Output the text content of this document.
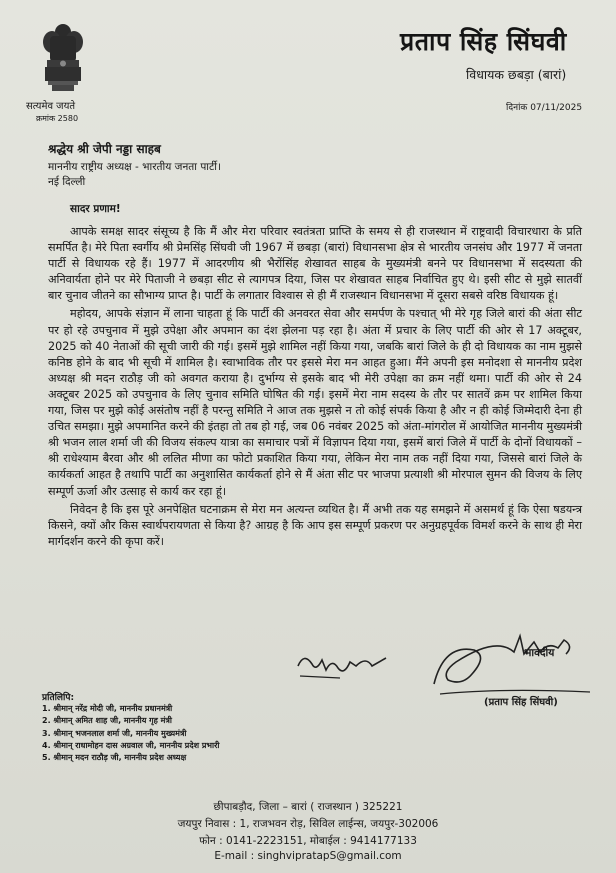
सत्यमेव जयते
क्रमांक 2580
प्रताप सिंह सिंघवी
विधायक छबड़ा (बारां)
दिनांक 07/11/2025
श्रद्धेय श्री जेपी नड्डा साहब
माननीय राष्ट्रीय अध्यक्ष - भारतीय जनता पार्टी।
नई दिल्ली
सादर प्रणाम!

आपके समक्ष सादर संसूच्य है कि मैं और मेरा परिवार स्वतंत्रता प्राप्ति के समय से ही राजस्थान में राष्ट्रवादी विचारधारा के प्रति समर्पित है। मेरे पिता स्वर्गीय श्री प्रेमसिंह सिंघवी जी 1967 में छबड़ा (बारां) विधानसभा क्षेत्र से भारतीय जनसंघ और 1977 में जनता पार्टी से विधायक रहे हैं। 1977 में आदरणीय श्री भैरोंसिंह शेखावत साहब के मुख्यमंत्री बनने पर विधानसभा में सदस्यता की अनिवार्यता होने पर मेरे पिताजी ने छबड़ा सीट से त्यागपत्र दिया, जिस पर शेखावत साहब निर्वाचित हुए थे। इसी सीट से मुझे सातवीं बार चुनाव जीतने का सौभाग्य प्राप्त है। पार्टी के लगातार विश्वास से ही मैं राजस्थान विधानसभा में दूसरा सबसे वरिष्ठ विधायक हूं।

महोदय, आपके संज्ञान में लाना चाहता हूं कि पार्टी की अनवरत सेवा और समर्पण के पश्चात् भी मेरे गृह जिले बारां की अंता सीट पर हो रहे उपचुनाव में मुझे उपेक्षा और अपमान का दंश झेलना पड़ रहा है। अंता में प्रचार के लिए पार्टी की ओर से 17 अक्टूबर, 2025 को 40 नेताओं की सूची जारी की गई। इसमें मुझे शामिल नहीं किया गया, जबकि बारां जिले के ही दो विधायक का नाम मुझसे कनिष्ठ होने के बाद भी सूची में शामिल है। स्वाभाविक तौर पर इससे मेरा मन आहत हुआ। मैंने अपनी इस मनोदशा से माननीय प्रदेश अध्यक्ष श्री मदन राठौड़ जी को अवगत कराया है। दुर्भाग्य से इसके बाद भी मेरी उपेक्षा का क्रम नहीं थमा। पार्टी की ओर से 24 अक्टूबर 2025 को उपचुनाव के लिए चुनाव समिति घोषित की गई। इसमें मेरा नाम सदस्य के तौर पर सातवें क्रम पर शामिल किया गया, जिस पर मुझे कोई असंतोष नहीं है परन्तु समिति ने आज तक मुझसे न तो कोई संपर्क किया है और न ही कोई जिम्मेदारी देना ही उचित समझा। मुझे अपमानित करने की इंतहा तो तब हो गई, जब 06 नवंबर 2025 को अंता-मांगरोल में आयोजित माननीय मुख्यमंत्री श्री भजन लाल शर्मा जी की विजय संकल्प यात्रा का समाचार पत्रों में विज्ञापन दिया गया, इसमें बारां जिले में पार्टी के दोनों विधायकों – श्री राधेश्याम बैरवा और श्री ललित मीणा का फोटो प्रकाशित किया गया, लेकिन मेरा नाम तक नहीं दिया गया, जिससे बारां जिले के कार्यकर्ता आहत है तथापि पार्टी का अनुशासित कार्यकर्ता होने से मैं अंता सीट पर भाजपा प्रत्याशी श्री मोरपाल सुमन की विजय के लिए सम्पूर्ण ऊर्जा और उत्साह से कार्य कर रहा हूं।

निवेदन है कि इस पूरे अनपेक्षित घटनाक्रम से मेरा मन अत्यन्त व्यथित है। मैं अभी तक यह समझने में असमर्थ हूं कि ऐसा षडयन्त्र किसने, क्यों और किस स्वार्थपरायणता से किया है? आग्रह है कि आप इस सम्पूर्ण प्रकरण पर अनुग्रहपूर्वक विमर्श करने के साथ ही मेरा मार्गदर्शन करने की कृपा करें।

भावदीय
(प्रताप सिंह सिंघवी)
प्रतिलिपि:
1. श्रीमान् नरेंद्र मोदी जी, माननीय प्रधानमंत्री
2. श्रीमान् अमित शाह जी, माननीय गृह मंत्री
3. श्रीमान् भजनलाल शर्मा जी, माननीय मुख्यमंत्री
4. श्रीमान् राधामोहन दास अग्रवाल जी, माननीय प्रदेश प्रभारी
5. श्रीमान् मदन राठौड़ जी, माननीय प्रदेश अध्यक्ष
छीपाबड़ौद, जिला – बारां ( राजस्थान ) 325221
जयपुर निवास : 1, राजभवन रोड़, सिविल लाईन्स, जयपुर-302006
फोन : 0141-2223151, मोबाईल : 9414177133
E-mail : singhvipratapS@gmail.com
